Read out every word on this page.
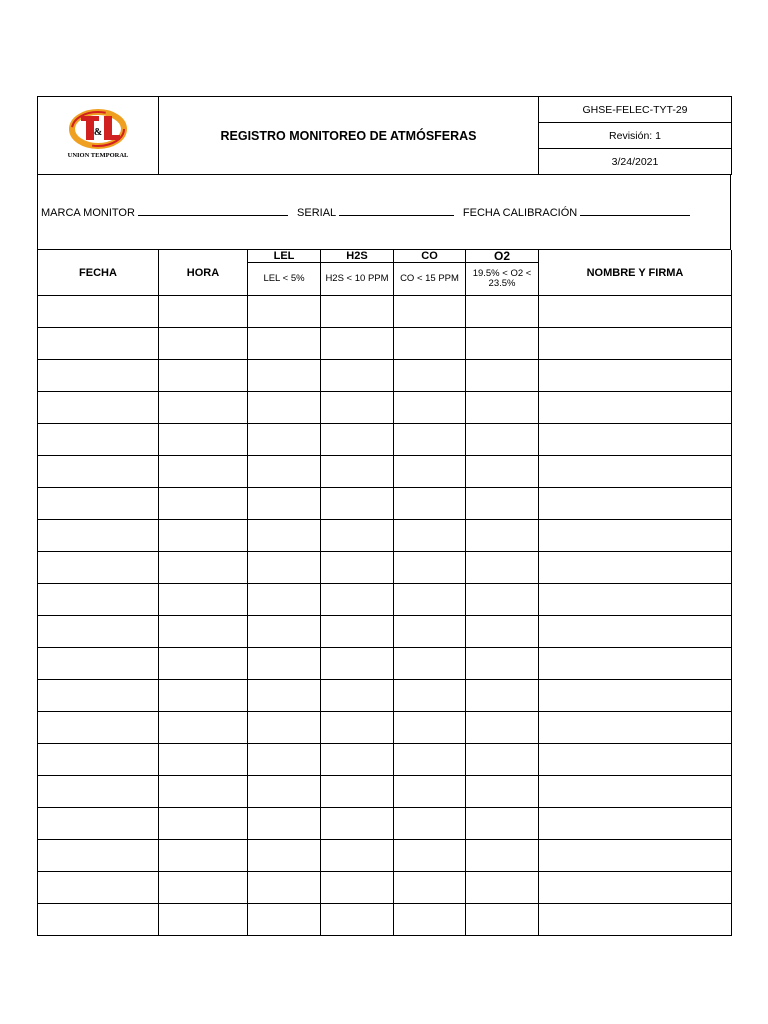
&
UNION TEMPORAL
	REGISTRO MONITOREO DE ATMÓSFERAS	GHSE-FELEC-TYT-29
Revisión: 1
3/24/2021
MARCA MONITOR	SERIAL	FECHA CALIBRACIÓN
FECHA	HORA	LEL	H2S	CO	O2	NOMBRE Y FIRMA
		LEL < 5%	H2S < 10 PPM	CO < 15 PPM	19.5% < O2 < 23.5%	
